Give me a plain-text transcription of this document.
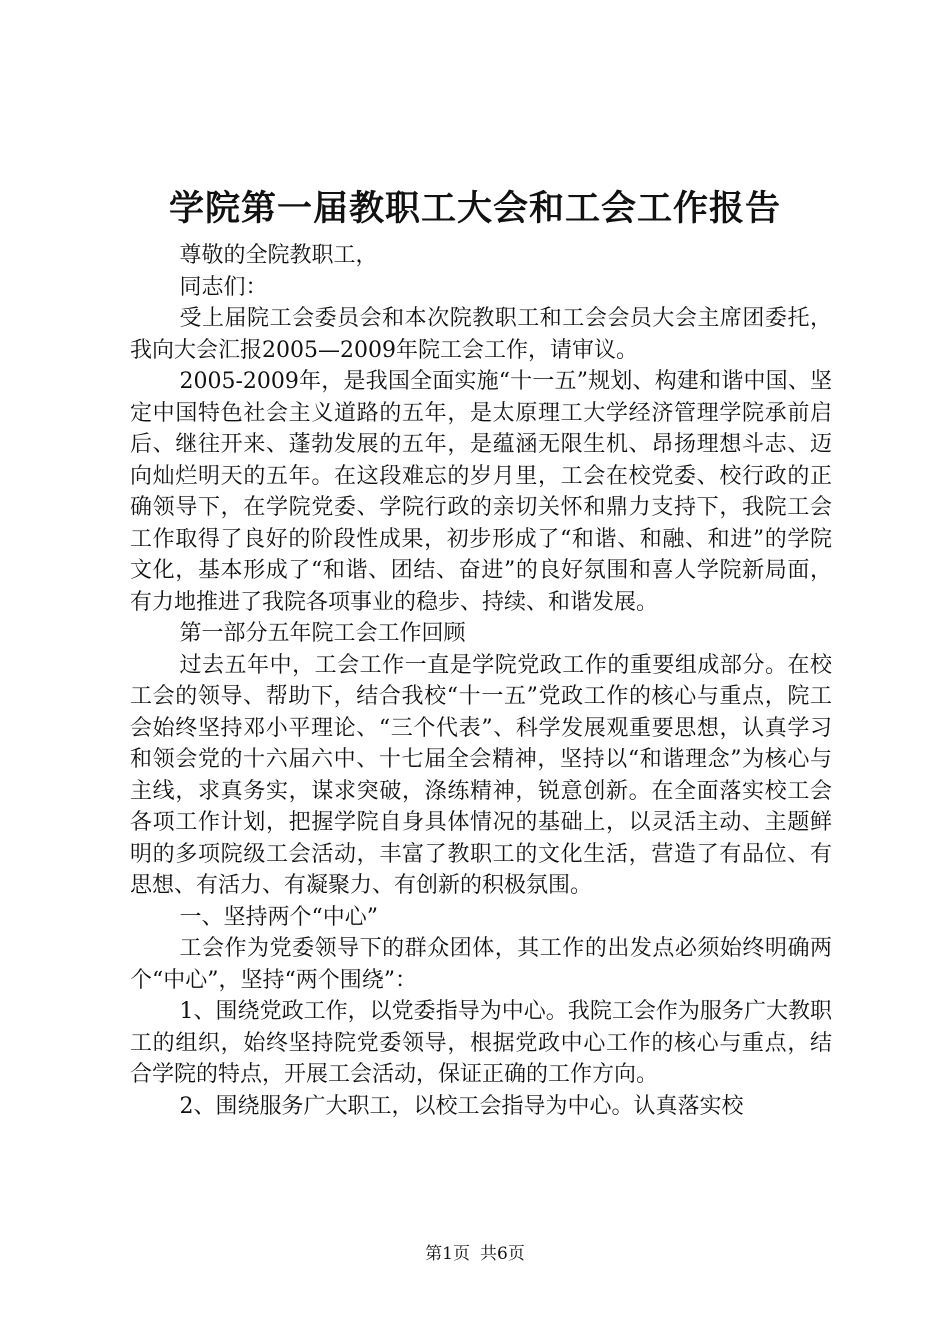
学院第一届教职工大会和工会工作报告

尊敬的全院教职工，

同志们：

受上届院工会委员会和本次院教职工和工会会员大会主席团委托，我向大会汇报2005—2009年院工会工作，请审议。

2005-2009年，是我国全面实施“十一五”规划、构建和谐中国、坚定中国特色社会主义道路的五年，是太原理工大学经济管理学院承前启后、继往开来、蓬勃发展的五年，是蕴涵无限生机、昂扬理想斗志、迈向灿烂明天的五年。在这段难忘的岁月里，工会在校党委、校行政的正确领导下，在学院党委、学院行政的亲切关怀和鼎力支持下，我院工会工作取得了良好的阶段性成果，初步形成了“和谐、和融、和进”的学院文化，基本形成了“和谐、团结、奋进”的良好氛围和喜人学院新局面，有力地推进了我院各项事业的稳步、持续、和谐发展。

第一部分五年院工会工作回顾

过去五年中，工会工作一直是学院党政工作的重要组成部分。在校工会的领导、帮助下，结合我校“十一五”党政工作的核心与重点，院工会始终坚持邓小平理论、“三个代表”、科学发展观重要思想，认真学习和领会党的十六届六中、十七届全会精神，坚持以“和谐理念”为核心与主线，求真务实，谋求突破，涤练精神，锐意创新。在全面落实校工会各项工作计划，把握学院自身具体情况的基础上，以灵活主动、主题鲜明的多项院级工会活动，丰富了教职工的文化生活，营造了有品位、有思想、有活力、有凝聚力、有创新的积极氛围。

一、坚持两个“中心”

工会作为党委领导下的群众团体，其工作的出发点必须始终明确两个“中心”，坚持“两个围绕”：

1、围绕党政工作，以党委指导为中心。我院工会作为服务广大教职工的组织，始终坚持院党委领导，根据党政中心工作的核心与重点，结合学院的特点，开展工会活动，保证正确的工作方向。

2、围绕服务广大职工，以校工会指导为中心。认真落实校

第1页 共6页
